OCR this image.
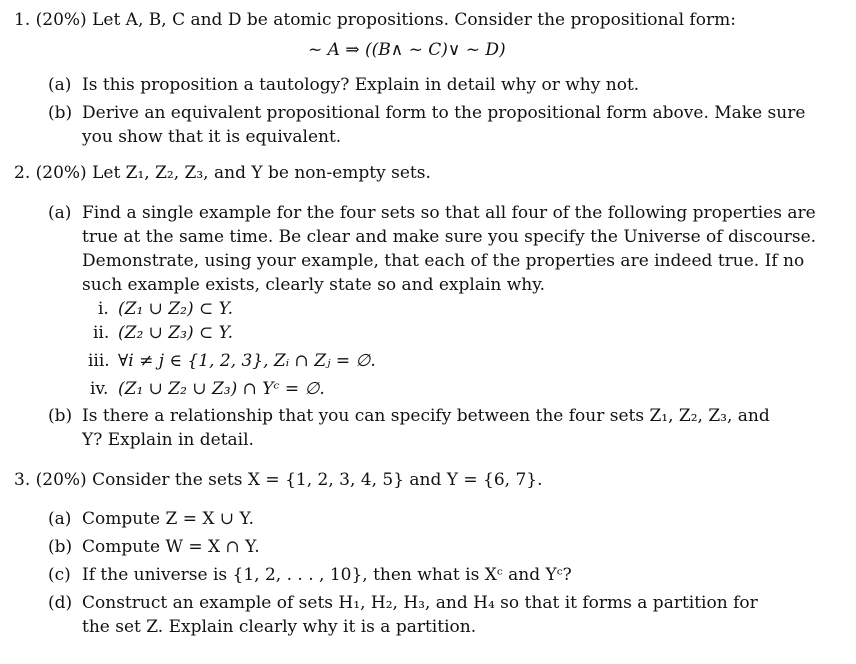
1. (20%) Let A, B, C and D be atomic propositions. Consider the propositional form:
~ A ⇒ ((B∧ ~ C)∨ ~ D)
(a) Is this proposition a tautology? Explain in detail why or why not.
(b) Derive an equivalent propositional form to the propositional form above. Make sure
you show that it is equivalent.
2. (20%) Let Z₁, Z₂, Z₃, and Y be non-empty sets.
(a) Find a single example for the four sets so that all four of the following properties are
true at the same time. Be clear and make sure you specify the Universe of discourse.
Demonstrate, using your example, that each of the properties are indeed true. If no
such example exists, clearly state so and explain why.
i. (Z₁ ∪ Z₂) ⊂ Y.
ii. (Z₂ ∪ Z₃) ⊂ Y.
iii. ∀i ≠ j ∈ {1, 2, 3}, Zᵢ ∩ Zⱼ = ∅.
iv. (Z₁ ∪ Z₂ ∪ Z₃) ∩ Yᶜ = ∅.
(b) Is there a relationship that you can specify between the four sets Z₁, Z₂, Z₃, and
Y? Explain in detail.
3. (20%) Consider the sets X = {1, 2, 3, 4, 5} and Y = {6, 7}.
(a) Compute Z = X ∪ Y.
(b) Compute W = X ∩ Y.
(c) If the universe is {1, 2, . . . , 10}, then what is Xᶜ and Yᶜ?
(d) Construct an example of sets H₁, H₂, H₃, and H₄ so that it forms a partition for
the set Z. Explain clearly why it is a partition.
